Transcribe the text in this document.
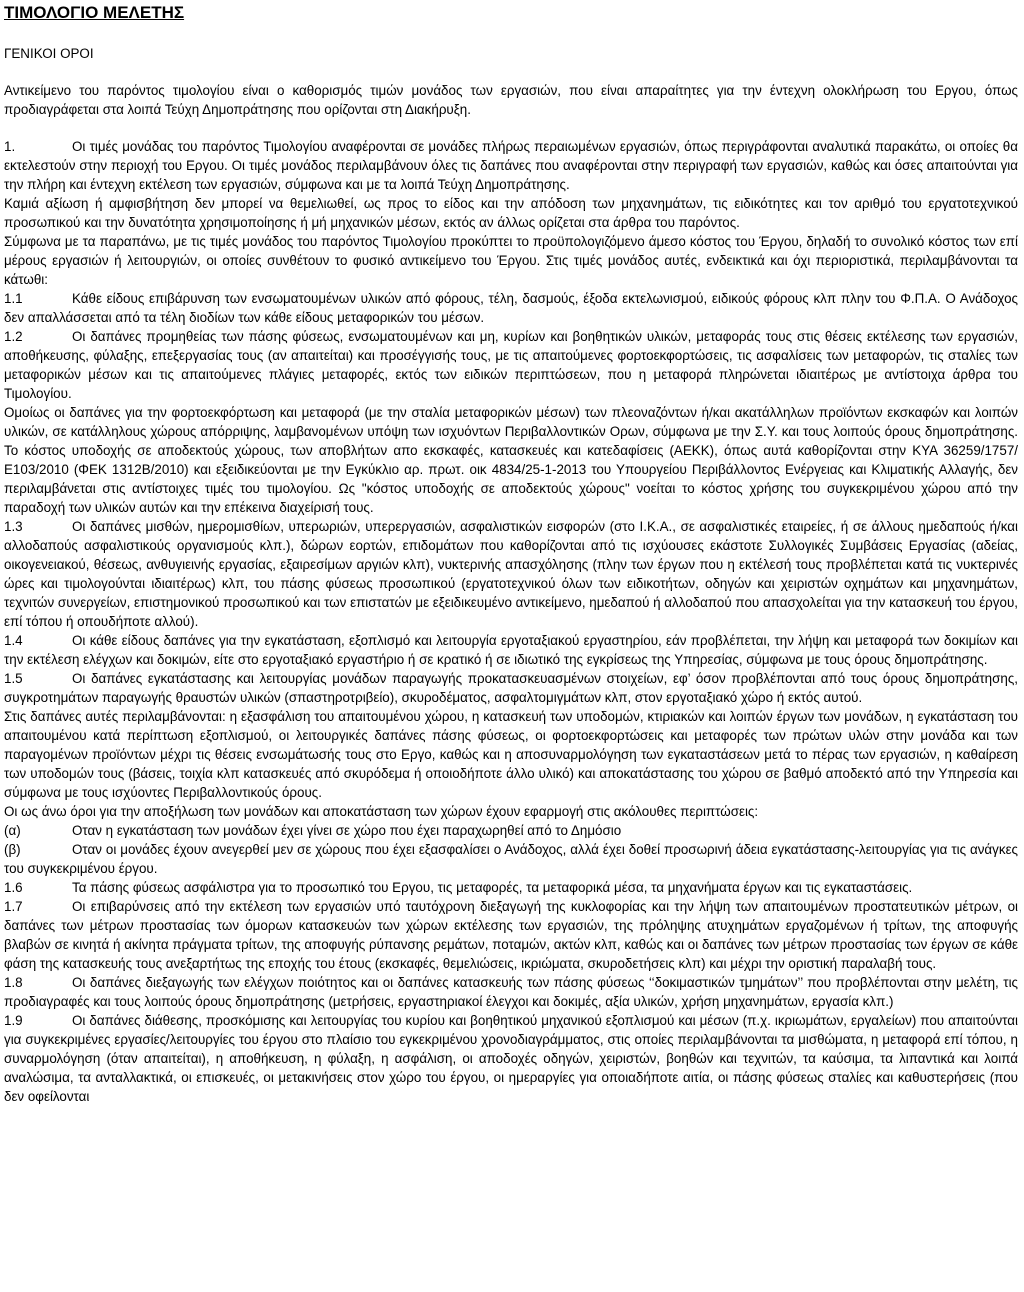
ΤΙΜΟΛΟΓΙΟ ΜΕΛΕΤΗΣ
ΓΕΝΙΚΟΙ ΟΡΟΙ

Αντικείμενο του παρόντος τιμολογίου είναι ο καθορισμός τιμών μονάδος των εργασιών, που είναι απαραίτητες για την έντεχνη ολοκλήρωση του Εργου, όπως προδιαγράφεται στα λοιπά Τεύχη Δημοπράτησης που ορίζονται στη Διακήρυξη.

1.	Οι τιμές μονάδας του παρόντος Τιμολογίου αναφέρονται σε μονάδες πλήρως περαιωμένων εργασιών, όπως περιγράφονται αναλυτικά παρακάτω, οι οποίες θα εκτελεστούν στην περιοχή του Εργου. Οι τιμές μονάδος περιλαμβάνουν όλες τις δαπάνες που αναφέρονται στην περιγραφή των εργασιών, καθώς και όσες απαιτούνται για την πλήρη και έντεχνη εκτέλεση των εργασιών, σύμφωνα και με τα λοιπά Τεύχη Δημοπράτησης.

Καμιά αξίωση ή αμφισβήτηση δεν μπορεί να θεμελιωθεί, ως προς το είδος και την απόδοση των μηχανημάτων, τις ειδικότητες και τον αριθμό του εργατοτεχνικού προσωπικού και την δυνατότητα χρησιμοποίησης ή μή μηχανικών μέσων, εκτός αν άλλως ορίζεται στα άρθρα του παρόντος.

Σύμφωνα με τα παραπάνω, με τις τιμές μονάδος του παρόντος Τιμολογίου προκύπτει το προϋπολογιζόμενο άμεσο κόστος του Έργου, δηλαδή το συνολικό κόστος των επί μέρους εργασιών ή λειτουργιών, οι οποίες συνθέτουν το φυσικό αντικείμενο του Έργου. Στις τιμές μονάδος αυτές, ενδεικτικά και όχι περιοριστικά, περιλαμβάνονται τα κάτωθι:

1.1	Κάθε είδους επιβάρυνση των ενσωματουμένων υλικών από φόρους, τέλη, δασμούς, έξοδα εκτελωνισμού, ειδικούς φόρους κλπ πλην του Φ.Π.Α. Ο Ανάδοχος δεν απαλλάσσεται από τα τέλη διοδίων των κάθε είδους μεταφορικών του μέσων.

1.2	Οι δαπάνες προμηθείας των πάσης φύσεως, ενσωματουμένων και μη, κυρίων και βοηθητικών υλικών, μεταφοράς τους στις θέσεις εκτέλεσης των εργασιών, αποθήκευσης, φύλαξης, επεξεργασίας τους (αν απαιτείται) και προσέγγισής τους, με τις απαιτούμενες φορτοεκφορτώσεις, τις ασφαλίσεις των μεταφορών, τις σταλίες των μεταφορικών μέσων και τις απαιτούμενες πλάγιες μεταφορές, εκτός των ειδικών περιπτώσεων, που η μεταφορά πληρώνεται ιδιαιτέρως με αντίστοιχα άρθρα του Τιμολογίου.

Ομοίως οι δαπάνες για την φορτοεκφόρτωση και μεταφορά (με την σταλία μεταφορικών μέσων) των πλεοναζόντων ή/και ακατάλληλων προϊόντων εκσκαφών και λοιπών υλικών, σε κατάλληλους χώρους απόρριψης, λαμβανομένων υπόψη των ισχυόντων Περιβαλλοντικών Ορων, σύμφωνα με την Σ.Υ. και τους λοιπούς όρους δημοπράτησης. Το κόστος υποδοχής σε αποδεκτούς χώρους, των αποβλήτων απο εκσκαφές, κατασκευές και κατεδαφίσεις (ΑΕΚΚ), όπως αυτά καθορίζονται στην ΚΥΑ 36259/1757/Ε103/2010 (ΦΕΚ 1312Β/2010) και εξειδικεύονται με την Εγκύκλιο αρ. πρωτ. οικ 4834/25-1-2013 του Υπουργείου Περιβάλλοντος Ενέργειας και Κλιματικής Αλλαγής, δεν περιλαμβάνεται στις αντίστοιχες τιμές του τιμολογίου. Ως "κόστος υποδοχής σε αποδεκτούς χώρους" νοείται το κόστος χρήσης του συγκεκριμένου χώρου από την παραδοχή των υλικών αυτών και την επέκεινα διαχείρισή τους.

1.3	Οι δαπάνες μισθών, ημερομισθίων, υπερωριών, υπερεργασιών, ασφαλιστικών εισφορών (στο Ι.Κ.Α., σε ασφαλιστικές εταιρείες, ή σε άλλους ημεδαπούς ή/και αλλοδαπούς ασφαλιστικούς οργανισμούς κλπ.), δώρων εορτών, επιδομάτων που καθορίζονται από τις ισχύουσες εκάστοτε Συλλογικές Συμβάσεις Εργασίας (αδείας, οικογενειακού, θέσεως, ανθυγιεινής εργασίας, εξαιρεσίμων αργιών κλπ), νυκτερινής απασχόλησης (πλην των έργων που η εκτέλεσή τους προβλέπεται κατά τις νυκτερινές ώρες και τιμολογούνται ιδιαιτέρως) κλπ, του πάσης φύσεως προσωπικού (εργατοτεχνικού όλων των ειδικοτήτων, οδηγών και χειριστών οχημάτων και μηχανημάτων, τεχνιτών συνεργείων, επιστημονικού προσωπικού και των επιστατών με εξειδικευμένο αντικείμενο, ημεδαπού ή αλλοδαπού που απασχολείται για την κατασκευή του έργου, επί τόπου ή οπουδήποτε αλλού).

1.4	Οι κάθε είδους δαπάνες για την εγκατάσταση, εξοπλισμό και λειτουργία εργοταξιακού εργαστηρίου, εάν προβλέπεται, την λήψη και μεταφορά των δοκιμίων και την εκτέλεση ελέγχων και δοκιμών, είτε στο εργοταξιακό εργαστήριο ή σε κρατικό ή σε ιδιωτικό της εγκρίσεως της Υπηρεσίας, σύμφωνα με τους όρους δημοπράτησης.

1.5	Οι δαπάνες εγκατάστασης και λειτουργίας μονάδων παραγωγής προκατασκευασμένων στοιχείων, εφ’ όσον προβλέπονται από τους όρους δημοπράτησης, συγκροτημάτων παραγωγής θραυστών υλικών (σπαστηροτριβείο), σκυροδέματος, ασφαλτομιγμάτων κλπ, στον εργοταξιακό χώρο ή εκτός αυτού.

Στις δαπάνες αυτές περιλαμβάνονται: η εξασφάλιση του απαιτουμένου χώρου, η κατασκευή των υποδομών, κτιριακών και λοιπών έργων των μονάδων, η εγκατάσταση του απαιτουμένου κατά περίπτωση εξοπλισμού, οι λειτουργικές δαπάνες πάσης φύσεως, οι φορτοεκφορτώσεις και μεταφορές των πρώτων υλών στην μονάδα και των παραγομένων προϊόντων μέχρι τις θέσεις ενσωμάτωσής τους στο Εργο, καθώς και η αποσυναρμολόγηση των εγκαταστάσεων μετά το πέρας των εργασιών, η καθαίρεση των υποδομών τους (βάσεις, τοιχία κλπ κατασκευές από σκυρόδεμα ή οποιοδήποτε άλλο υλικό) και αποκατάστασης του χώρου σε βαθμό αποδεκτό από την Υπηρεσία και σύμφωνα με τους ισχύοντες Περιβαλλοντικούς όρους.

Οι ως άνω όροι για την αποξήλωση των μονάδων και αποκατάσταση των χώρων έχουν εφαρμογή στις ακόλουθες περιπτώσεις:

(α)	Οταν η εγκατάσταση των μονάδων έχει γίνει σε χώρο που έχει παραχωρηθεί από το Δημόσιο

(β)	Οταν οι μονάδες έχουν ανεγερθεί μεν σε χώρους που έχει εξασφαλίσει ο Ανάδοχος, αλλά έχει δοθεί προσωρινή άδεια εγκατάστασης-λειτουργίας για τις ανάγκες του συγκεκριμένου έργου.

1.6	Τα πάσης φύσεως ασφάλιστρα για το προσωπικό του Εργου, τις μεταφορές, τα μεταφορικά μέσα, τα μηχανήματα έργων και τις εγκαταστάσεις.

1.7	Οι επιβαρύνσεις από την εκτέλεση των εργασιών υπό ταυτόχρονη διεξαγωγή της κυκλοφορίας και την λήψη των απαιτουμένων προστατευτικών μέτρων, οι δαπάνες των μέτρων προστασίας των όμορων κατασκευών των χώρων εκτέλεσης των εργασιών, της πρόληψης ατυχημάτων εργαζομένων ή τρίτων, της αποφυγής βλαβών σε κινητά ή ακίνητα πράγματα τρίτων, της αποφυγής ρύπανσης ρεμάτων, ποταμών, ακτών κλπ, καθώς και οι δαπάνες των μέτρων προστασίας των έργων σε κάθε φάση της κατασκευής τους ανεξαρτήτως της εποχής του έτους (εκσκαφές, θεμελιώσεις, ικριώματα, σκυροδετήσεις κλπ) και μέχρι την οριστική παραλαβή τους.

1.8	Οι δαπάνες διεξαγωγής των ελέγχων ποιότητος και οι δαπάνες κατασκευής των πάσης φύσεως ‘‘δοκιμαστικών τμημάτων’’ που προβλέπονται στην μελέτη, τις προδιαγραφές και τους λοιπούς όρους δημοπράτησης (μετρήσεις, εργαστηριακοί έλεγχοι και δοκιμές, αξία υλικών, χρήση μηχανημάτων, εργασία κλπ.)

1.9	Οι δαπάνες διάθεσης, προσκόμισης και λειτουργίας του κυρίου και βοηθητικού μηχανικού εξοπλισμού και μέσων (π.χ. ικριωμάτων, εργαλείων) που απαιτούνται για συγκεκριμένες εργασίες/λειτουργίες του έργου στο πλαίσιο του εγκεκριμένου χρονοδιαγράμματος, στις οποίες περιλαμβάνονται τα μισθώματα, η μεταφορά επί τόπου, η συναρμολόγηση (όταν απαιτείται), η αποθήκευση, η φύλαξη, η ασφάλιση, οι αποδοχές οδηγών, χειριστών, βοηθών και τεχνιτών, τα καύσιμα, τα λιπαντικά και λοιπά αναλώσιμα, τα ανταλλακτικά, οι επισκευές, οι μετακινήσεις στον χώρο του έργου, οι ημεραργίες για οποιαδήποτε αιτία, οι πάσης φύσεως σταλίες και καθυστερήσεις (που δεν οφείλονται
